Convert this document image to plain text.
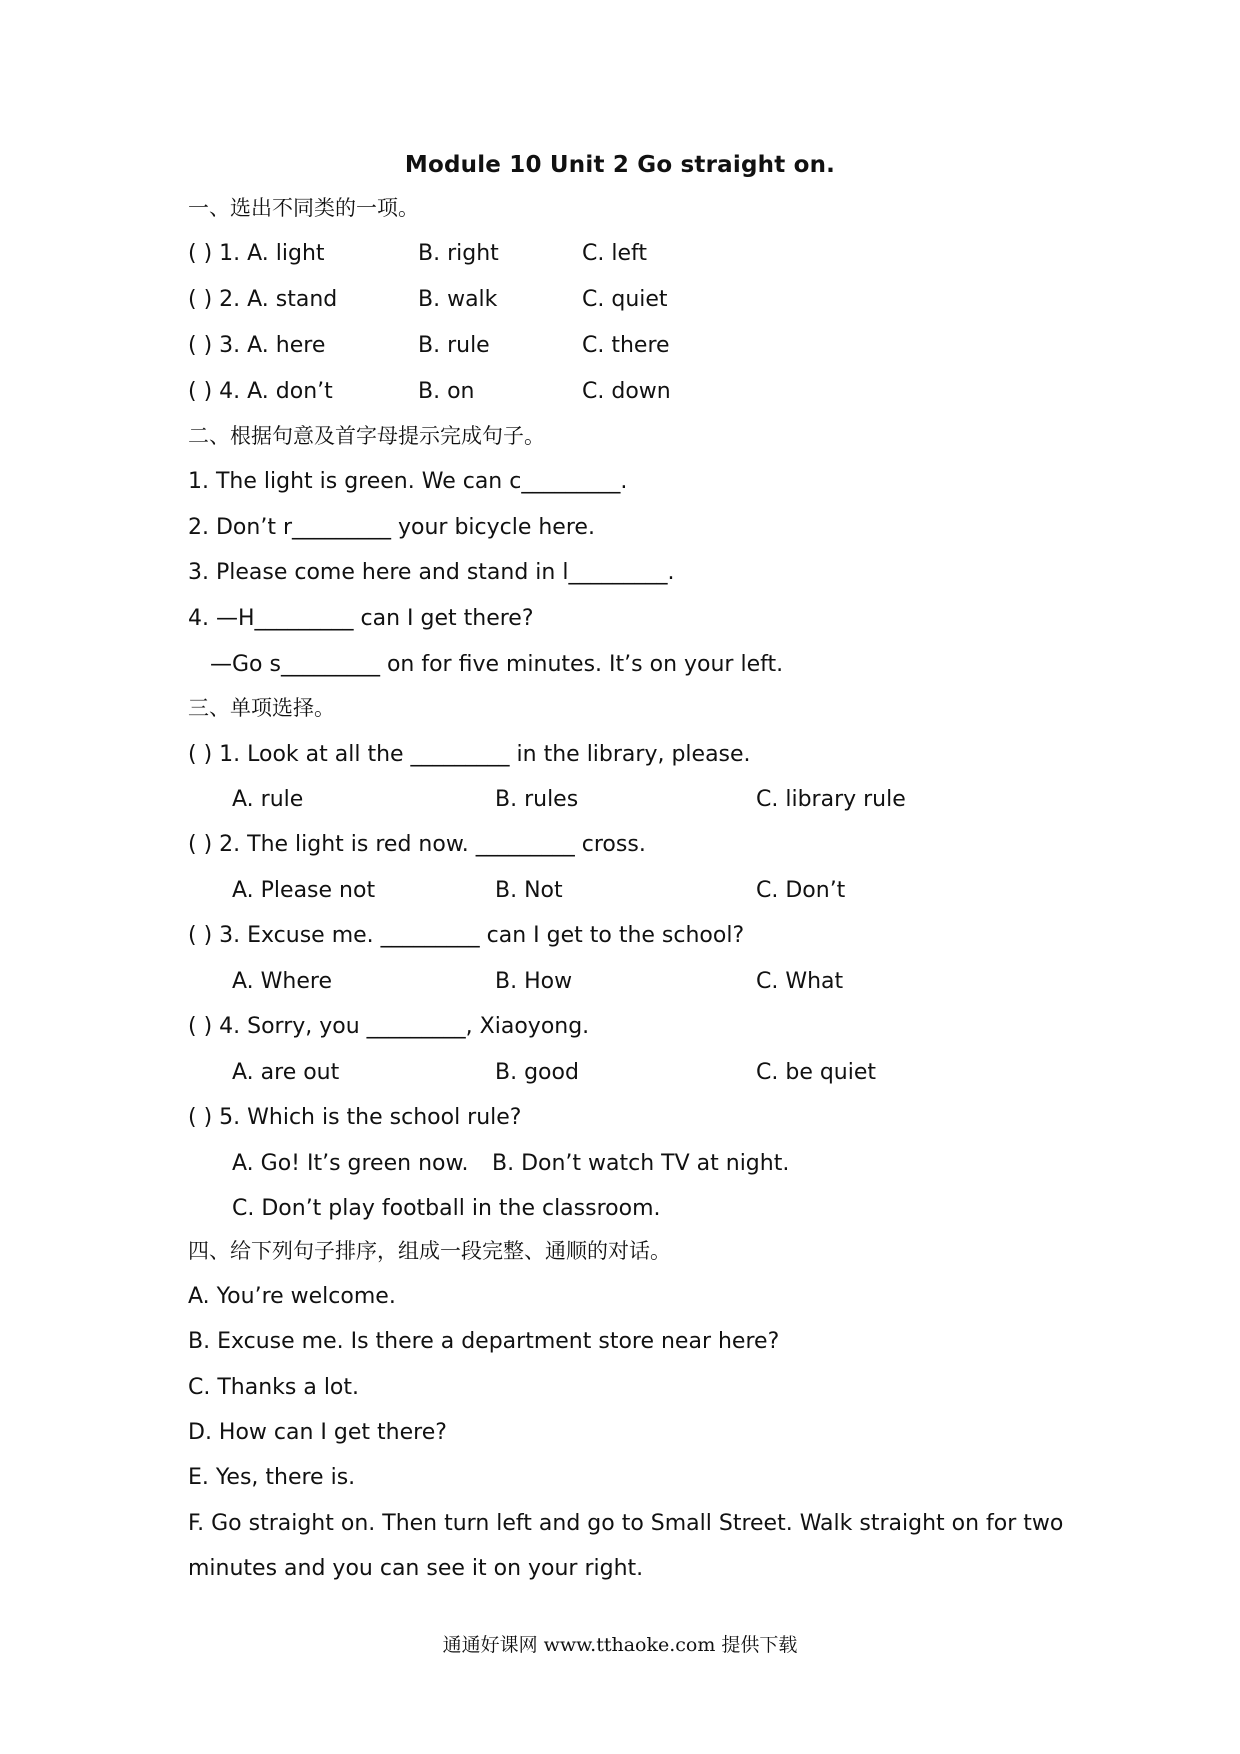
Module 10 Unit 2 Go straight on.
一、选出不同类的一项。
( ) 1. A. light	B. right	C. left
( ) 2. A. stand	B. walk	C. quiet
( ) 3. A. here	B. rule	C. there
( ) 4. A. don’t	B. on	C. down
二、根据句意及首字母提示完成句子。
1. The light is green. We can c_________.
2. Don’t r_________ your bicycle here.
3. Please come here and stand in l_________.
4. —H_________ can I get there?
—Go s_________ on for five minutes. It’s on your left.
三、单项选择。
( ) 1. Look at all the _________ in the library, please.
A. rule	B. rules	C. library rule
( ) 2. The light is red now. _________ cross.
A. Please not	B. Not	C. Don’t
( ) 3. Excuse me. _________ can I get to the school?
A. Where	B. How	C. What
( ) 4. Sorry, you _________, Xiaoyong.
A. are out	B. good	C. be quiet
( ) 5. Which is the school rule?
A. Go! It’s green now. B. Don’t watch TV at night.
C. Don’t play football in the classroom.
四、给下列句子排序，组成一段完整、通顺的对话。
A. You’re welcome.
B. Excuse me. Is there a department store near here?
C. Thanks a lot.
D. How can I get there?
E. Yes, there is.
F. Go straight on. Then turn left and go to Small Street. Walk straight on for two
minutes and you can see it on your right.
通通好课网 www.tthaoke.com 提供下载
